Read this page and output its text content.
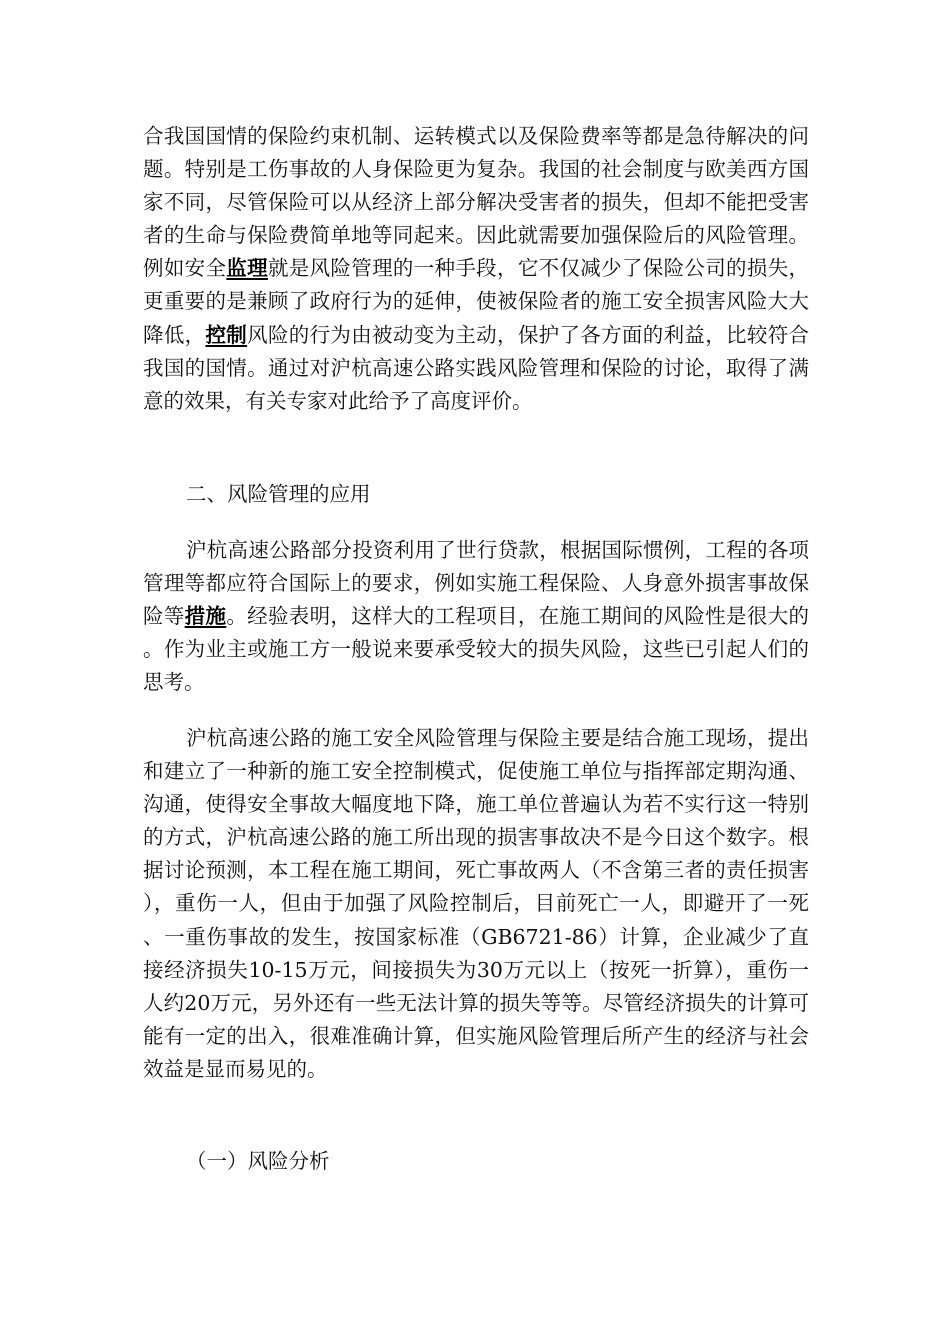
合我国国情的保险约束机制、运转模式以及保险费率等都是急待解决的问题。特别是工伤事故的人身保险更为复杂。我国的社会制度与欧美西方国家不同，尽管保险可以从经济上部分解决受害者的损失，但却不能把受害者的生命与保险费简单地等同起来。因此就需要加强保险后的风险管理。例如安全监理就是风险管理的一种手段，它不仅减少了保险公司的损失，更重要的是兼顾了政府行为的延伸，使被保险者的施工安全损害风险大大降低，控制风险的行为由被动变为主动，保护了各方面的利益，比较符合我国的国情。通过对沪杭高速公路实践风险管理和保险的讨论，取得了满意的效果，有关专家对此给予了高度评价。
二、风险管理的应用
沪杭高速公路部分投资利用了世行贷款，根据国际惯例，工程的各项管理等都应符合国际上的要求，例如实施工程保险、人身意外损害事故保险等措施。经验表明，这样大的工程项目，在施工期间的风险性是很大的。作为业主或施工方一般说来要承受较大的损失风险，这些已引起人们的思考。
沪杭高速公路的施工安全风险管理与保险主要是结合施工现场，提出和建立了一种新的施工安全控制模式，促使施工单位与指挥部定期沟通、沟通，使得安全事故大幅度地下降，施工单位普遍认为若不实行这一特别的方式，沪杭高速公路的施工所出现的损害事故决不是今日这个数字。根据讨论预测，本工程在施工期间，死亡事故两人（不含第三者的责任损害），重伤一人，但由于加强了风险控制后，目前死亡一人，即避开了一死、一重伤事故的发生，按国家标准（GB6721-86）计算，企业减少了直接经济损失10-15万元，间接损失为30万元以上（按死一折算），重伤一人约20万元，另外还有一些无法计算的损失等等。尽管经济损失的计算可能有一定的出入，很难准确计算，但实施风险管理后所产生的经济与社会效益是显而易见的。
（一）风险分析
